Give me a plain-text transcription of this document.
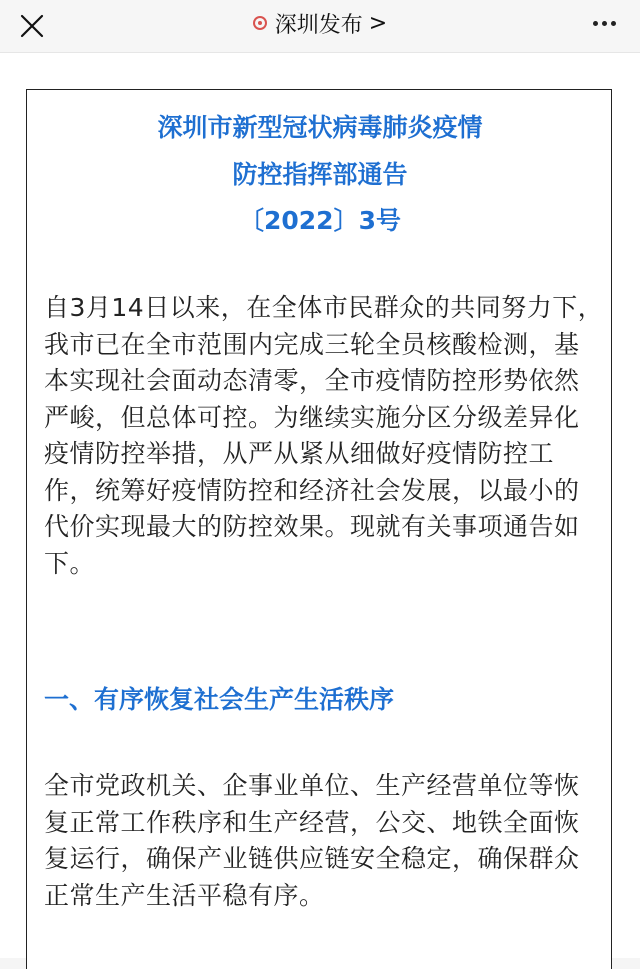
深圳发布 >
深圳市新型冠状病毒肺炎疫情
防控指挥部通告
〔2022〕3号
自3月14日以来，在全体市民群众的共同努力下，我市已在全市范围内完成三轮全员核酸检测，基本实现社会面动态清零，全市疫情防控形势依然严峻，但总体可控。为继续实施分区分级差异化疫情防控举措，从严从紧从细做好疫情防控工作，统筹好疫情防控和经济社会发展，以最小的代价实现最大的防控效果。现就有关事项通告如下。
一、有序恢复社会生产生活秩序
全市党政机关、企事业单位、生产经营单位等恢复正常工作秩序和生产经营，公交、地铁全面恢复运行，确保产业链供应链安全稳定，确保群众正常生产生活平稳有序。
